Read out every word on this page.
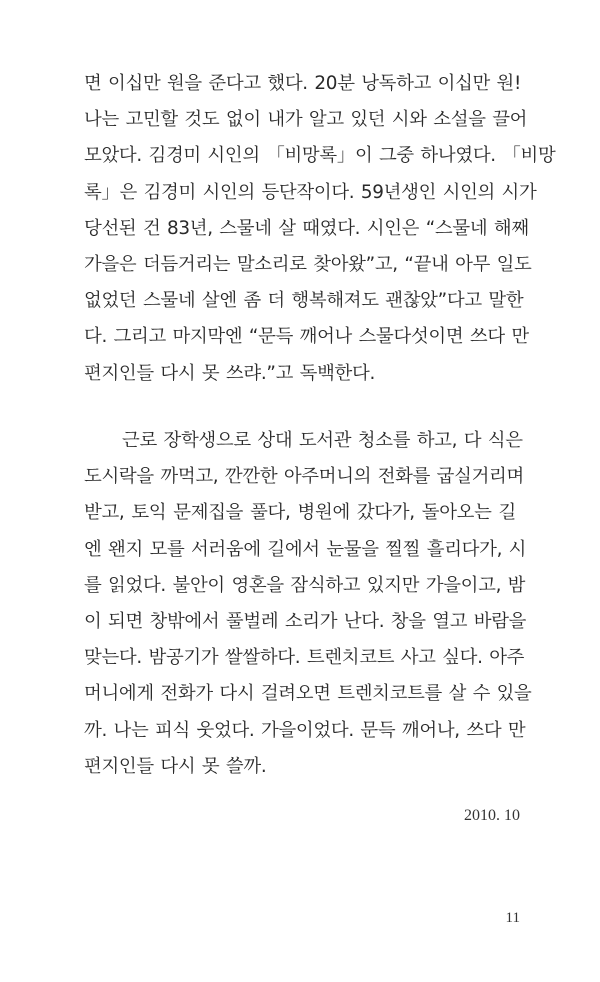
면 이십만 원을 준다고 했다. 20분 낭독하고 이십만 원!
나는 고민할 것도 없이 내가 알고 있던 시와 소설을 끌어
모았다. 김경미 시인의 「비망록」이 그중 하나였다. 「비망
록」은 김경미 시인의 등단작이다. 59년생인 시인의 시가
당선된 건 83년, 스물네 살 때였다. 시인은 “스물네 해째
가을은 더듬거리는 말소리로 찾아왔”고, “끝내 아무 일도
없었던 스물네 살엔 좀 더 행복해져도 괜찮았”다고 말한
다. 그리고 마지막엔 “문득 깨어나 스물다섯이면 쓰다 만
편지인들 다시 못 쓰랴.”고 독백한다.
근로 장학생으로 상대 도서관 청소를 하고, 다 식은
도시락을 까먹고, 깐깐한 아주머니의 전화를 굽실거리며
받고, 토익 문제집을 풀다, 병원에 갔다가, 돌아오는 길
엔 왠지 모를 서러움에 길에서 눈물을 찔찔 흘리다가, 시
를 읽었다. 불안이 영혼을 잠식하고 있지만 가을이고, 밤
이 되면 창밖에서 풀벌레 소리가 난다. 창을 열고 바람을
맞는다. 밤공기가 쌀쌀하다. 트렌치코트 사고 싶다. 아주
머니에게 전화가 다시 걸려오면 트렌치코트를 살 수 있을
까. 나는 피식 웃었다. 가을이었다. 문득 깨어나, 쓰다 만
편지인들 다시 못 쓸까.
2010. 10
11
